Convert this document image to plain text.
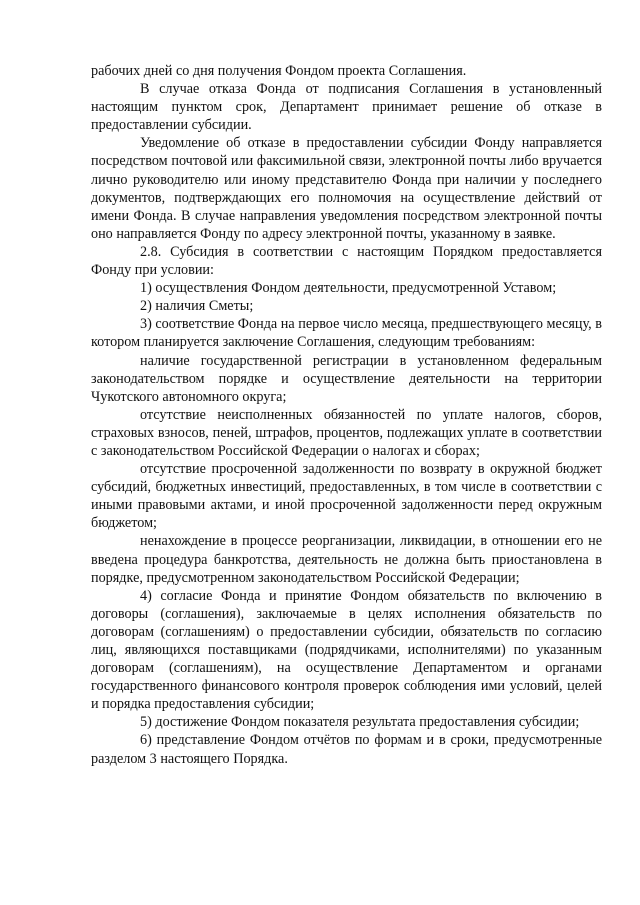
рабочих дней со дня получения Фондом проекта Соглашения.

В случае отказа Фонда от подписания Соглашения в установленный настоящим пунктом срок, Департамент принимает решение об отказе в предоставлении субсидии.

Уведомление об отказе в предоставлении субсидии Фонду направляется посредством почтовой или факсимильной связи, электронной почты либо вручается лично руководителю или иному представителю Фонда при наличии у последнего документов, подтверждающих его полномочия на осуществление действий от имени Фонда. В случае направления уведомления посредством электронной почты оно направляется Фонду по адресу электронной почты, указанному в заявке.

2.8. Субсидия в соответствии с настоящим Порядком предоставляется Фонду при условии:

1) осуществления Фондом деятельности, предусмотренной Уставом;

2) наличия Сметы;

3) соответствие Фонда на первое число месяца, предшествующего месяцу, в котором планируется заключение Соглашения, следующим требованиям:

наличие государственной регистрации в установленном федеральным законодательством порядке и осуществление деятельности на территории Чукотского автономного округа;

отсутствие неисполненных обязанностей по уплате налогов, сборов, страховых взносов, пеней, штрафов, процентов, подлежащих уплате в соответствии с законодательством Российской Федерации о налогах и сборах;

отсутствие просроченной задолженности по возврату в окружной бюджет субсидий, бюджетных инвестиций, предоставленных, в том числе в соответствии с иными правовыми актами, и иной просроченной задолженности перед окружным бюджетом;

ненахождение в процессе реорганизации, ликвидации, в отношении его не введена процедура банкротства, деятельность не должна быть приостановлена в порядке, предусмотренном законодательством Российской Федерации;

4) согласие Фонда и принятие Фондом обязательств по включению в договоры (соглашения), заключаемые в целях исполнения обязательств по договорам (соглашениям) о предоставлении субсидии, обязательств по согласию лиц, являющихся поставщиками (подрядчиками, исполнителями) по указанным договорам (соглашениям), на осуществление Департаментом и органами государственного финансового контроля проверок соблюдения ими условий, целей и порядка предоставления субсидии;

5) достижение Фондом показателя результата предоставления субсидии;

6) представление Фондом отчётов по формам и в сроки, предусмотренные разделом 3 настоящего Порядка.
